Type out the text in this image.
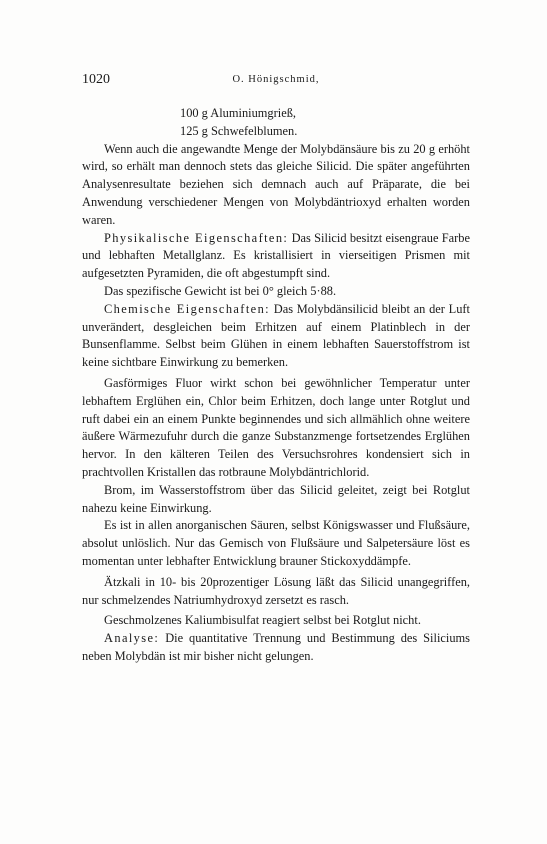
1020	O. Hönigschmid,

100 g Aluminiumgrieß,

125 g Schwefelblumen.

Wenn auch die angewandte Menge der Molybdänsäure bis zu 20 g erhöht wird, so erhält man dennoch stets das gleiche Silicid. Die später angeführten Analysenresultate beziehen sich demnach auch auf Präparate, die bei Anwendung verschiedener Mengen von Molybdäntrioxyd erhalten worden waren.

Physikalische Eigenschaften: Das Silicid besitzt eisengraue Farbe und lebhaften Metallglanz. Es kristallisiert in vierseitigen Prismen mit aufgesetzten Pyramiden, die oft abgestumpft sind.

Das spezifische Gewicht ist bei 0° gleich 5·88.

Chemische Eigenschaften: Das Molybdänsilicid bleibt an der Luft unverändert, desgleichen beim Erhitzen auf einem Platinblech in der Bunsenflamme. Selbst beim Glühen in einem lebhaften Sauerstoffstrom ist keine sichtbare Einwirkung zu bemerken.

Gasförmiges Fluor wirkt schon bei gewöhnlicher Temperatur unter lebhaftem Erglühen ein, Chlor beim Erhitzen, doch lange unter Rotglut und ruft dabei ein an einem Punkte beginnendes und sich allmählich ohne weitere äußere Wärmezufuhr durch die ganze Substanzmenge fortsetzendes Erglühen hervor. In den kälteren Teilen des Versuchsrohres kondensiert sich in prachtvollen Kristallen das rotbraune Molybdäntrichlorid.

Brom, im Wasserstoffstrom über das Silicid geleitet, zeigt bei Rotglut nahezu keine Einwirkung.

Es ist in allen anorganischen Säuren, selbst Königswasser und Flußsäure, absolut unlöslich. Nur das Gemisch von Flußsäure und Salpetersäure löst es momentan unter lebhafter Entwicklung brauner Stickoxyddämpfe.

Ätzkali in 10- bis 20prozentiger Lösung läßt das Silicid unangegriffen, nur schmelzendes Natriumhydroxyd zersetzt es rasch.

Geschmolzenes Kaliumbisulfat reagiert selbst bei Rotglut nicht.

Analyse: Die quantitative Trennung und Bestimmung des Siliciums neben Molybdän ist mir bisher nicht gelungen.
